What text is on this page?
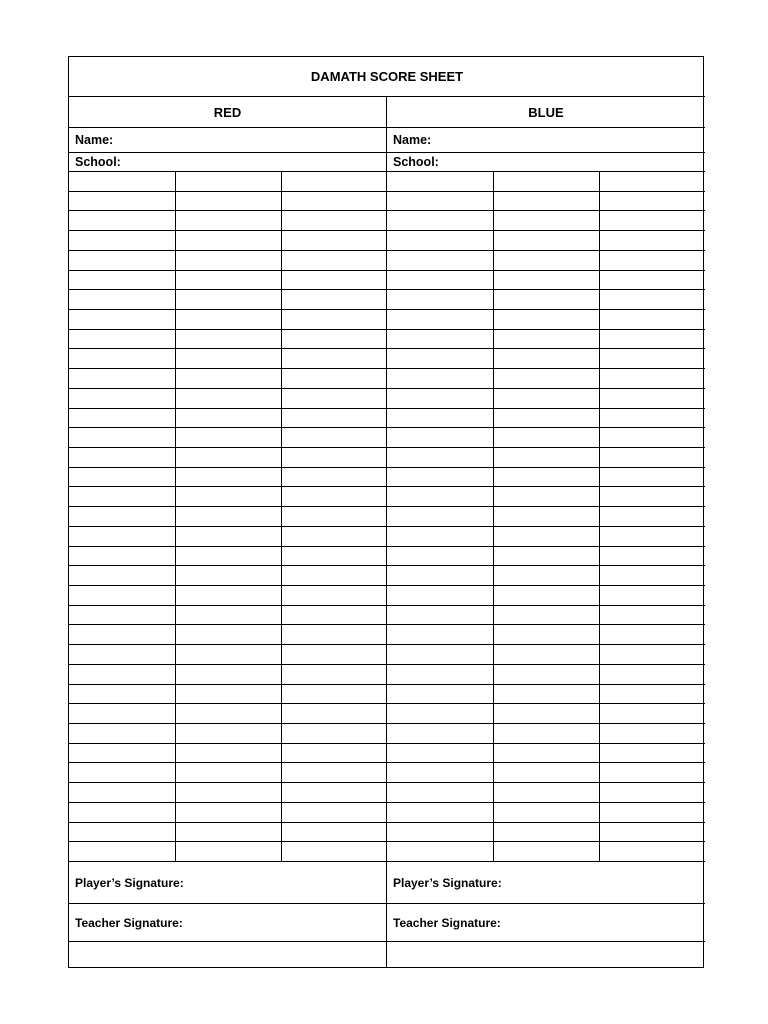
DAMATH SCORE SHEET
RED	BLUE
Name:	Name:
School:	School:
Player’s Signature:	Player’s Signature:
Teacher Signature:	Teacher Signature:
